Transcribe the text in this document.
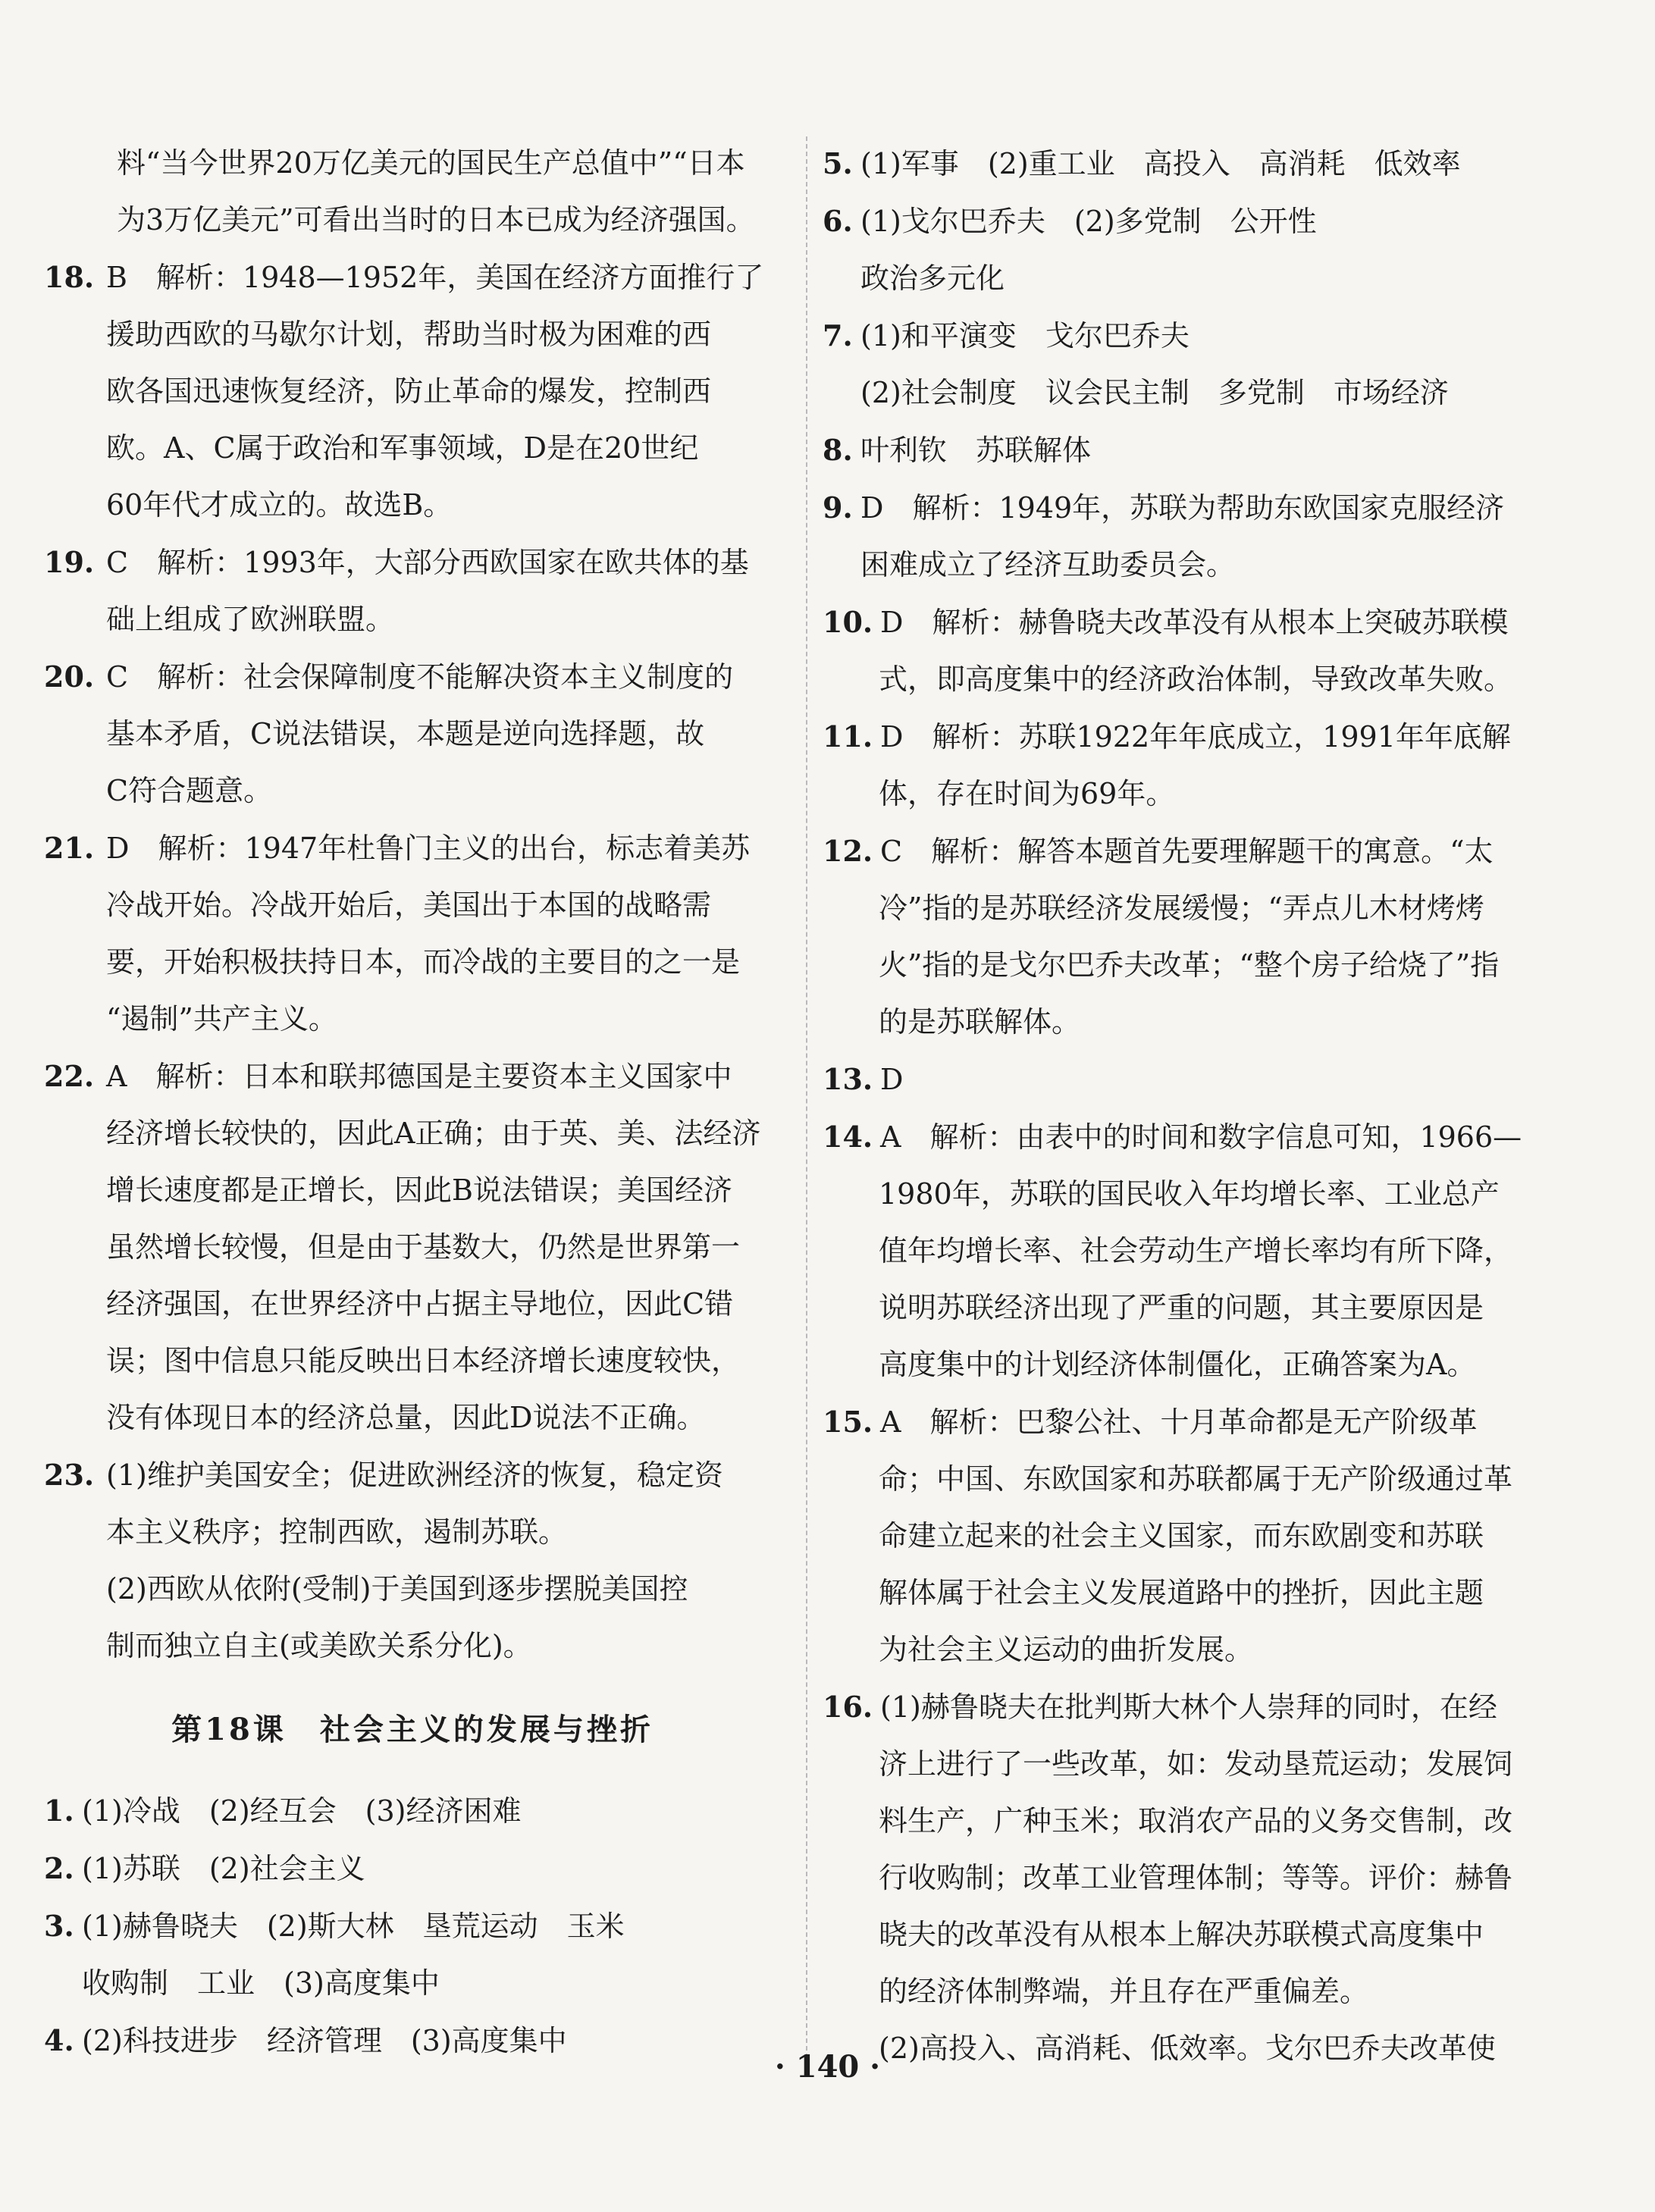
料“当今世界20万亿美元的国民生产总值中”“日本
为3万亿美元”可看出当时的日本已成为经济强国。
18. B　解析：1948—1952年，美国在经济方面推行了
援助西欧的马歇尔计划，帮助当时极为困难的西
欧各国迅速恢复经济，防止革命的爆发，控制西
欧。A、C属于政治和军事领域，D是在20世纪
60年代才成立的。故选B。
19. C　解析：1993年，大部分西欧国家在欧共体的基
础上组成了欧洲联盟。
20. C　解析：社会保障制度不能解决资本主义制度的
基本矛盾，C说法错误，本题是逆向选择题，故
C符合题意。
21. D　解析：1947年杜鲁门主义的出台，标志着美苏
冷战开始。冷战开始后，美国出于本国的战略需
要，开始积极扶持日本，而冷战的主要目的之一是
“遏制”共产主义。
22. A　解析：日本和联邦德国是主要资本主义国家中
经济增长较快的，因此A正确；由于英、美、法经济
增长速度都是正增长，因此B说法错误；美国经济
虽然增长较慢，但是由于基数大，仍然是世界第一
经济强国，在世界经济中占据主导地位，因此C错
误；图中信息只能反映出日本经济增长速度较快，
没有体现日本的经济总量，因此D说法不正确。
23. (1)维护美国安全；促进欧洲经济的恢复，稳定资
本主义秩序；控制西欧，遏制苏联。
(2)西欧从依附(受制)于美国到逐步摆脱美国控
制而独立自主(或美欧关系分化)。
第18课　社会主义的发展与挫折
1. (1)冷战　(2)经互会　(3)经济困难
2. (1)苏联　(2)社会主义
3. (1)赫鲁晓夫　(2)斯大林　垦荒运动　玉米
收购制　工业　(3)高度集中
4. (2)科技进步　经济管理　(3)高度集中
5. (1)军事　(2)重工业　高投入　高消耗　低效率
6. (1)戈尔巴乔夫　(2)多党制　公开性
政治多元化
7. (1)和平演变　戈尔巴乔夫
(2)社会制度　议会民主制　多党制　市场经济
8. 叶利钦　苏联解体
9. D　解析：1949年，苏联为帮助东欧国家克服经济
困难成立了经济互助委员会。
10. D　解析：赫鲁晓夫改革没有从根本上突破苏联模
式，即高度集中的经济政治体制，导致改革失败。
11. D　解析：苏联1922年年底成立，1991年年底解
体，存在时间为69年。
12. C　解析：解答本题首先要理解题干的寓意。“太
冷”指的是苏联经济发展缓慢；“弄点儿木材烤烤
火”指的是戈尔巴乔夫改革；“整个房子给烧了”指
的是苏联解体。
13. D
14. A　解析：由表中的时间和数字信息可知，1966—
1980年，苏联的国民收入年均增长率、工业总产
值年均增长率、社会劳动生产增长率均有所下降，
说明苏联经济出现了严重的问题，其主要原因是
高度集中的计划经济体制僵化，正确答案为A。
15. A　解析：巴黎公社、十月革命都是无产阶级革
命；中国、东欧国家和苏联都属于无产阶级通过革
命建立起来的社会主义国家，而东欧剧变和苏联
解体属于社会主义发展道路中的挫折，因此主题
为社会主义运动的曲折发展。
16. (1)赫鲁晓夫在批判斯大林个人崇拜的同时，在经
济上进行了一些改革，如：发动垦荒运动；发展饲
料生产，广种玉米；取消农产品的义务交售制，改
行收购制；改革工业管理体制；等等。评价：赫鲁
晓夫的改革没有从根本上解决苏联模式高度集中
的经济体制弊端，并且存在严重偏差。
(2)高投入、高消耗、低效率。戈尔巴乔夫改革使
· 140 ·
